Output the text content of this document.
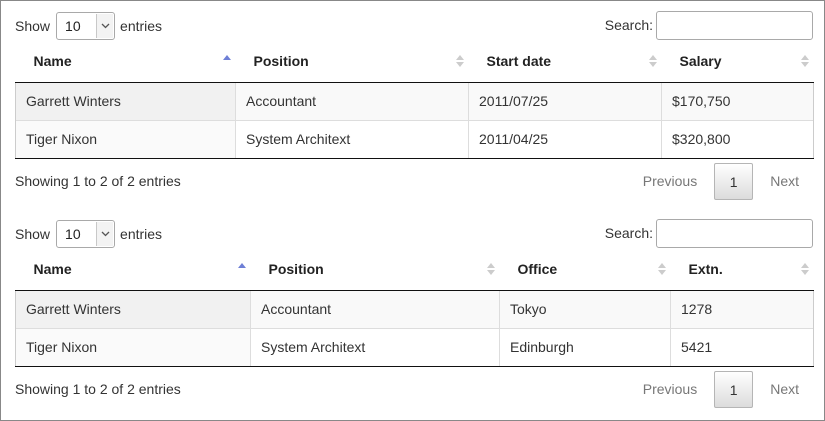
Show 10	entries	Search:
Name	Position	Start date	Salary

Garrett Winters	Accountant	2011/07/25	$170,750
Tiger Nixon	System Architext	2011/04/25	$320,800
Showing 1 to 2 of 2 entries	Previous	1	Next
Show 10	entries	Search:
Name	Position	Office	Extn.

Garrett Winters	Accountant	Tokyo	1278
Tiger Nixon	System Architext	Edinburgh	5421
Showing 1 to 2 of 2 entries	Previous	1	Next
